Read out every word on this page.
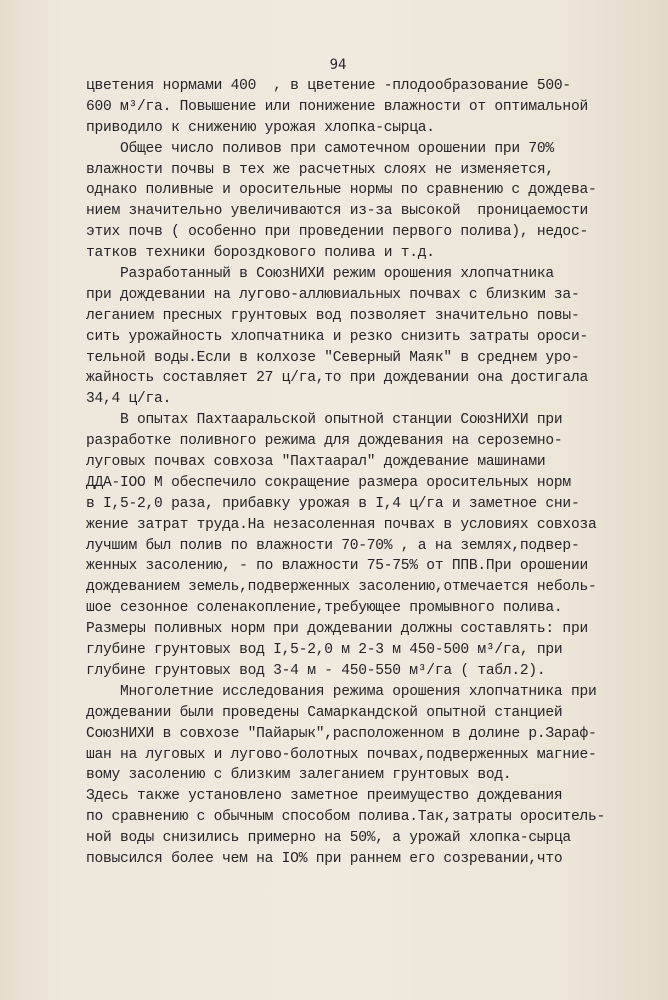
94
цветения нормами 400  , в цветение -плодообразование 500-
600 м³/га. Повышение или понижение влажности от оптимальной
приводило к снижению урожая хлопка-сырца.
Общее число поливов при самотечном орошении при 70%
влажности почвы в тех же расчетных слоях не изменяется,
однако поливные и оросительные нормы по сравнению с дождева-
нием значительно увеличиваются из-за высокой  проницаемости
этих почв ( особенно при проведении первого полива), недос-
татков техники бороздкового полива и т.д.
Разработанный в СоюзНИХИ режим орошения хлопчатника
при дождевании на лугово-аллювиальных почвах с близким за-
леганием пресных грунтовых вод позволяет значительно повы-
сить урожайность хлопчатника и резко снизить затраты ороси-
тельной воды.Если в колхозе "Северный Маяк" в среднем уро-
жайность составляет 27 ц/га,то при дождевании она достигала
34,4 ц/га.
В опытах Пахтааральской опытной станции СоюзНИХИ при
разработке поливного режима для дождевания на сероземно-
луговых почвах совхоза "Пахтаарал" дождевание машинами
ДДА-IOO М обеспечило сокращение размера оросительных норм
в I,5-2,0 раза, прибавку урожая в I,4 ц/га и заметное сни-
жение затрат труда.На незасоленная почвах в условиях совхоза
лучшим был полив по влажности 70-70% , а на землях,подвер-
женных засолению, - по влажности 75-75% от ППВ.При орошении
дождеванием земель,подверженных засолению,отмечается неболь-
шое сезонное соленакопление,требующее промывного полива.
Размеры поливных норм при дождевании должны составлять: при
глубине грунтовых вод I,5-2,0 м 2-3 м 450-500 м³/га, при
глубине грунтовых вод 3-4 м - 450-550 м³/га ( табл.2).
Многолетние исследования режима орошения хлопчатника при
дождевании были проведены Самаркандской опытной станцией
СоюзНИХИ в совхозе "Пайарык",расположенном в долине р.Зараф-
шан на луговых и лугово-болотных почвах,подверженных магние-
вому засолению с близким залеганием грунтовых вод.
Здесь также установлено заметное преимущество дождевания
по сравнению с обычным способом полива.Так,затраты ороситель-
ной воды снизились примерно на 50%, а урожай хлопка-сырца
повысился более чем на IO% при раннем его созревании,что
